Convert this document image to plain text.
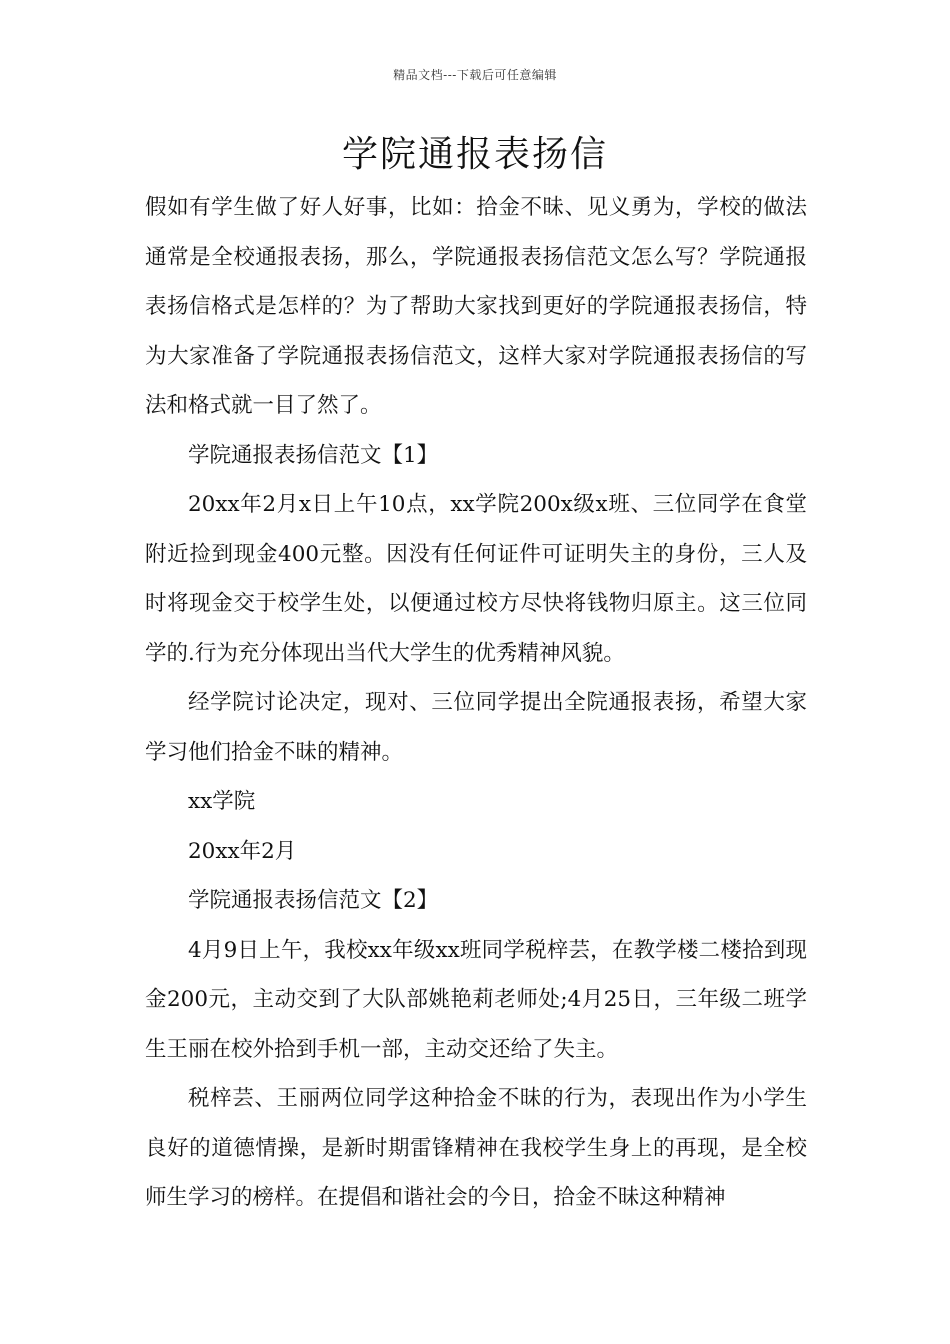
精品文档---下载后可任意编辑
学院通报表扬信

假如有学生做了好人好事，比如：拾金不昧、见义勇为，学校的做法通常是全校通报表扬，那么，学院通报表扬信范文怎么写？学院通报表扬信格式是怎样的？为了帮助大家找到更好的学院通报表扬信，特为大家准备了学院通报表扬信范文，这样大家对学院通报表扬信的写法和格式就一目了然了。

学院通报表扬信范文【1】

20xx年2月x日上午10点，xx学院200x级x班、三位同学在食堂附近捡到现金400元整。因没有任何证件可证明失主的身份，三人及时将现金交于校学生处，以便通过校方尽快将钱物归原主。这三位同学的.行为充分体现出当代大学生的优秀精神风貌。

经学院讨论决定，现对、三位同学提出全院通报表扬，希望大家学习他们拾金不昧的精神。

xx学院

20xx年2月

学院通报表扬信范文【2】

4月9日上午，我校xx年级xx班同学税梓芸，在教学楼二楼拾到现金200元，主动交到了大队部姚艳莉老师处;4月25日，三年级二班学生王丽在校外拾到手机一部，主动交还给了失主。

税梓芸、王丽两位同学这种拾金不昧的行为，表现出作为小学生良好的道德情操，是新时期雷锋精神在我校学生身上的再现，是全校师生学习的榜样。在提倡和谐社会的今日，拾金不昧这种精神
